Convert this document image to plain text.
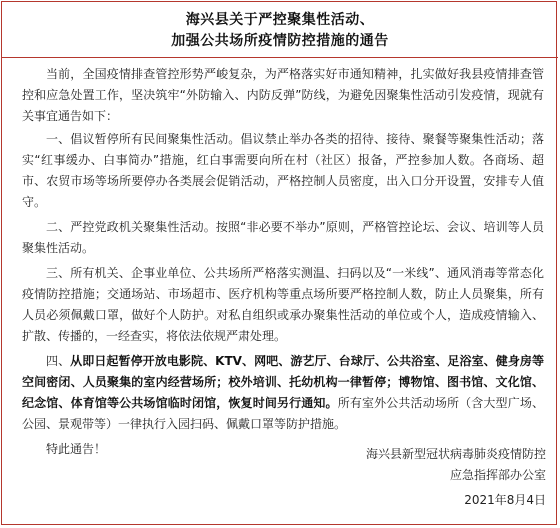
海兴县关于严控聚集性活动、
加强公共场所疫情防控措施的通告

当前，全国疫情排查管控形势严峻复杂，为严格落实好市通知精神，扎实做好我县疫情排查管控和应急处置工作，坚决筑牢“外防输入、内防反弹”防线，为避免因聚集性活动引发疫情，现就有关事宜通告如下：

一、倡议暂停所有民间聚集性活动。倡议禁止举办各类的招待、接待、聚餐等聚集性活动；落实“红事缓办、白事简办”措施，红白事需要向所在村（社区）报备，严控参加人数。各商场、超市、农贸市场等场所要停办各类展会促销活动，严格控制人员密度，出入口分开设置，安排专人值守。

二、严控党政机关聚集性活动。按照“非必要不举办”原则，严格管控论坛、会议、培训等人员聚集性活动。

三、所有机关、企事业单位、公共场所严格落实测温、扫码以及“一米线”、通风消毒等常态化疫情防控措施；交通场站、市场超市、医疗机构等重点场所要严格控制人数，防止人员聚集，所有人员必须佩戴口罩，做好个人防护。对私自组织或承办聚集性活动的单位或个人，造成疫情输入、扩散、传播的，一经查实，将依法依规严肃处理。

四、从即日起暂停开放电影院、KTV、网吧、游艺厅、台球厅、公共浴室、足浴室、健身房等空间密闭、人员聚集的室内经营场所；校外培训、托幼机构一律暂停；博物馆、图书馆、文化馆、纪念馆、体育馆等公共场馆临时闭馆，恢复时间另行通知。所有室外公共活动场所（含大型广场、公园、景观带等）一律执行入园扫码、佩戴口罩等防护措施。

特此通告！	海兴县新型冠状病毒肺炎疫情防控
应急指挥部办公室
2021年8月4日
